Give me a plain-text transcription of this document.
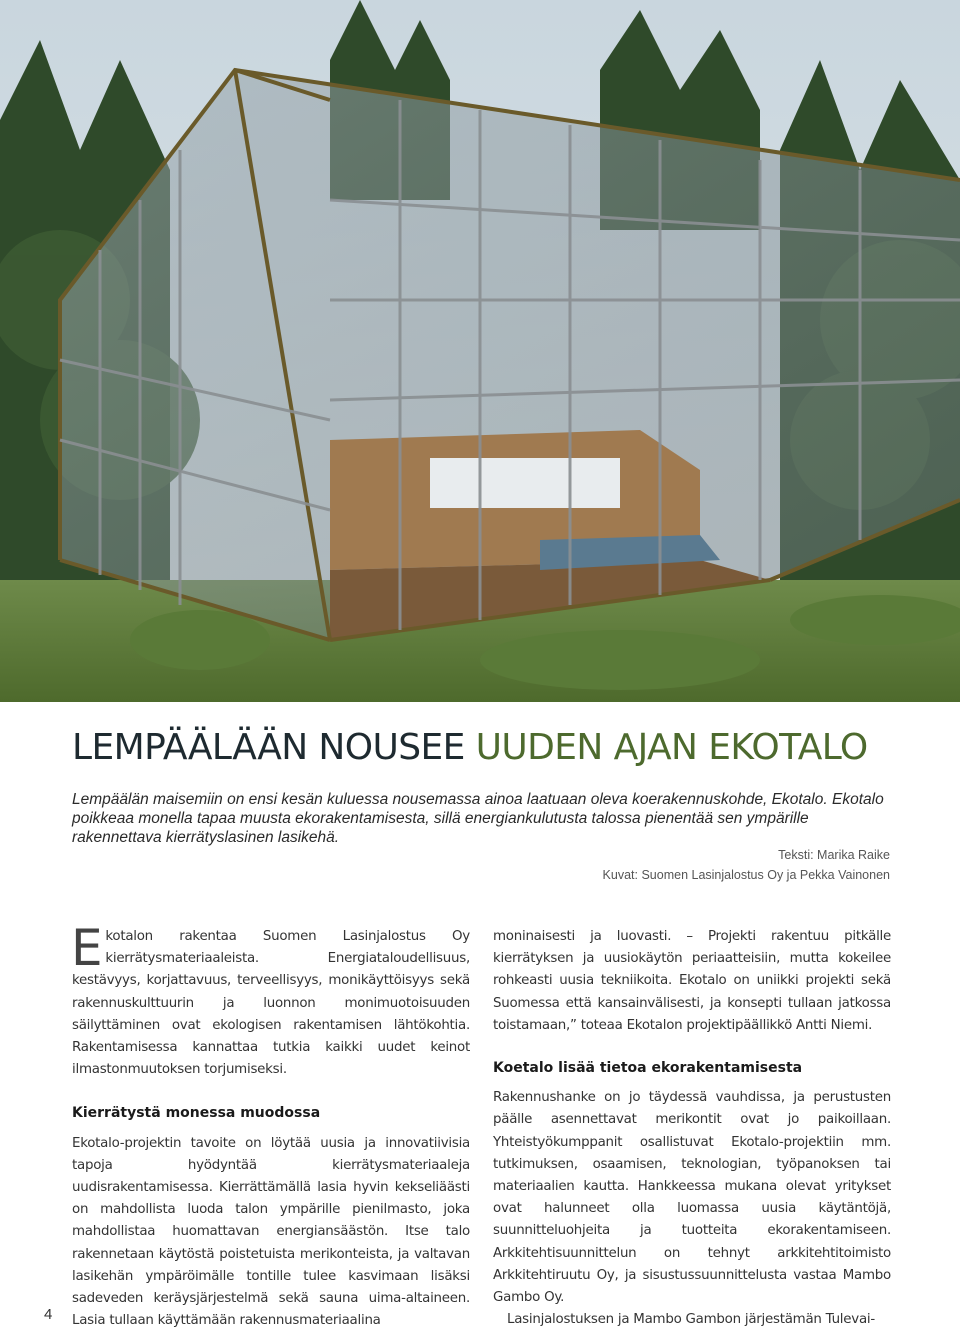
LEMPÄÄLÄÄN NOUSEE UUDEN AJAN EKOTALO

Lempäälän maisemiin on ensi kesän kuluessa nousemassa ainoa laatuaan oleva koerakennuskohde, Ekotalo. Ekotalo poikkeaa monella tapaa muusta ekorakentamisesta, sillä energiankulutusta talossa pienentää sen ympärille rakennettava kierrätyslasinen lasikehä.

Teksti: Marika Raike
Kuvat: Suomen Lasinjalostus Oy ja Pekka Vainonen

Ekotalon rakentaa Suomen Lasinjalostus Oy kierrätysmateriaaleista. Energiataloudellisuus, kestävyys, korjattavuus, terveellisyys, monikäyttöisyys sekä rakennuskulttuurin ja luonnon monimuotoisuuden säilyttäminen ovat ekologisen rakentamisen lähtökohtia. Rakentamisessa kannattaa tutkia kaikki uudet keinot ilmastonmuutoksen torjumiseksi.

Kierrätystä monessa muodossa

Ekotalo-projektin tavoite on löytää uusia ja innovatiivisia tapoja hyödyntää kierrätysmateriaaleja uudisrakentamisessa. Kierrättämällä lasia hyvin kekseliäästi on mahdollista luoda talon ympärille pienilmasto, joka mahdollistaa huomattavan energiansäästön. Itse talo rakennetaan käytöstä poistetuista merikonteista, ja valtavan lasikehän ympäröimälle tontille tulee kasvimaan lisäksi sadeveden keräysjärjestelmä sekä sauna uima-altaineen. Lasia tullaan käyttämään rakennusmateriaalina

moninaisesti ja luovasti. – Projekti rakentuu pitkälle kierrätyksen ja uusiokäytön periaatteisiin, mutta kokeilee rohkeasti uusia tekniikoita. Ekotalo on uniikki projekti sekä Suomessa että kansainvälisesti, ja konsepti tullaan jatkossa toistamaan,” toteaa Ekotalon projektipäällikkö Antti Niemi.

Koetalo lisää tietoa ekorakentamisesta

Rakennushanke on jo täydessä vauhdissa, ja perustusten päälle asennettavat merikontit ovat jo paikoillaan. Yhteistyökumppanit osallistuvat Ekotalo-projektiin mm. tutkimuksen, osaamisen, teknologian, työpanoksen tai materiaalien kautta. Hankkeessa mukana olevat yritykset ovat halunneet olla luomassa uusia käytäntöjä, suunnitteluohjeita ja tuotteita ekorakentamiseen. Arkkitehtisuunnittelun on tehnyt arkkitehtitoimisto Arkkitehtiruutu Oy, ja sisustussuunnittelusta vastaa Mambo Gambo Oy.

Lasinjalostuksen ja Mambo Gambon järjestämän Tulevai-

4
